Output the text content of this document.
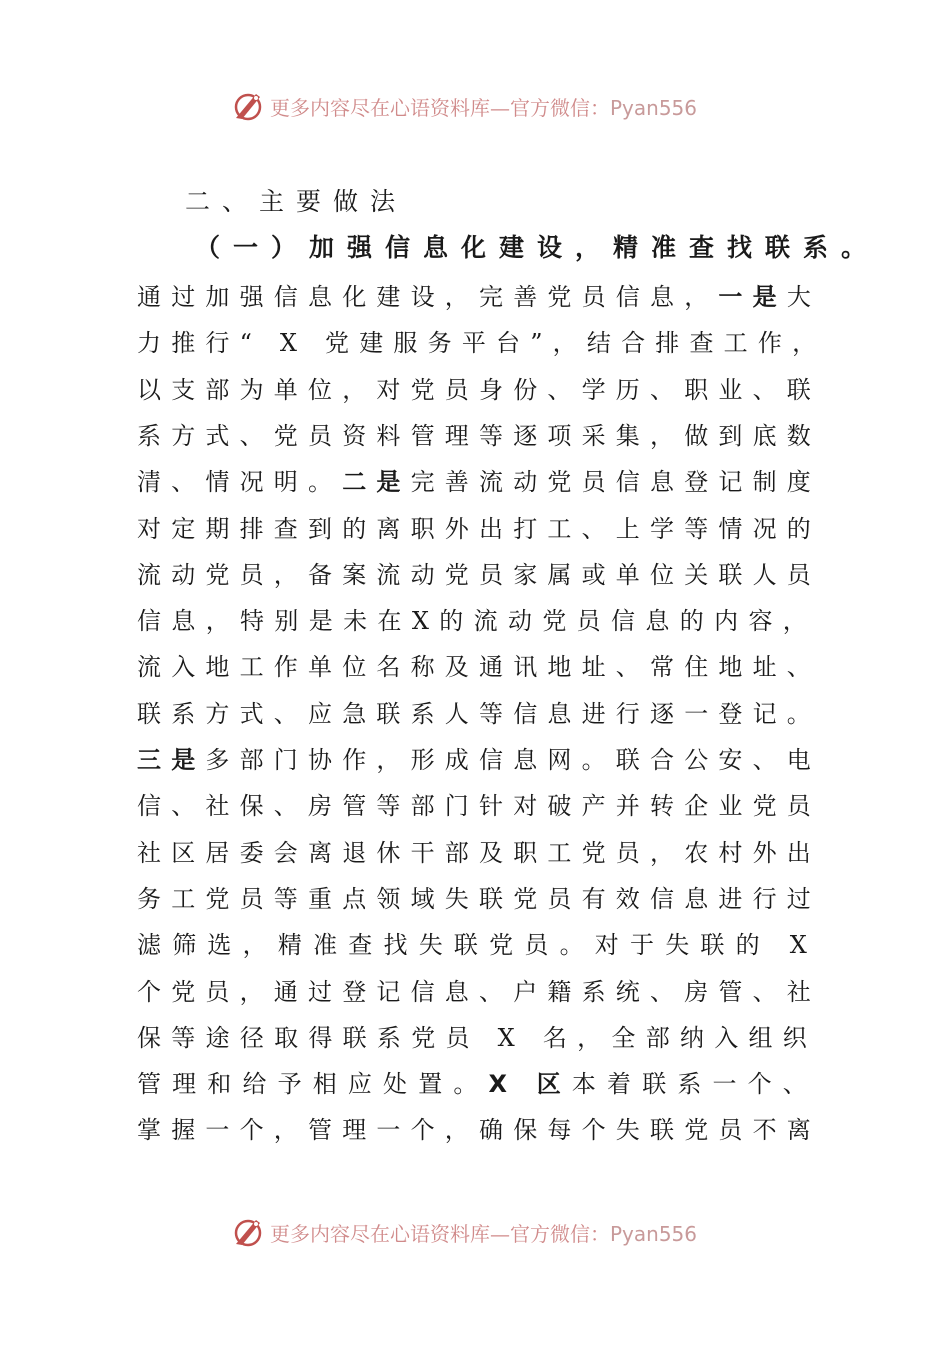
更多内容尽在心语资料库—官方微信：Pyan556
二、主要做法
（一）加强信息化建设，精准查找联系。
通过加强信息化建设，完善党员信息，一是大
力推行“ X 党建服务平台”，结合排查工作，
以支部为单位，对党员身份、学历、职业、联
系方式、党员资料管理等逐项采集，做到底数
清、情况明。二是完善流动党员信息登记制度
对定期排查到的离职外出打工、上学等情况的
流动党员，备案流动党员家属或单位关联人员
信息，特别是未在X的流动党员信息的内容，
流入地工作单位名称及通讯地址、常住地址、
联系方式、应急联系人等信息进行逐一登记。
三是多部门协作，形成信息网。联合公安、电
信、社保、房管等部门针对破产并转企业党员
社区居委会离退休干部及职工党员，农村外出
务工党员等重点领域失联党员有效信息进行过
滤筛选，精准查找失联党员。对于失联的 X
个党员，通过登记信息、户籍系统、房管、社
保等途径取得联系党员 X 名，全部纳入组织
管理和给予相应处置。X 区本着联系一个、
掌握一个，管理一个，确保每个失联党员不离
更多内容尽在心语资料库—官方微信：Pyan556
